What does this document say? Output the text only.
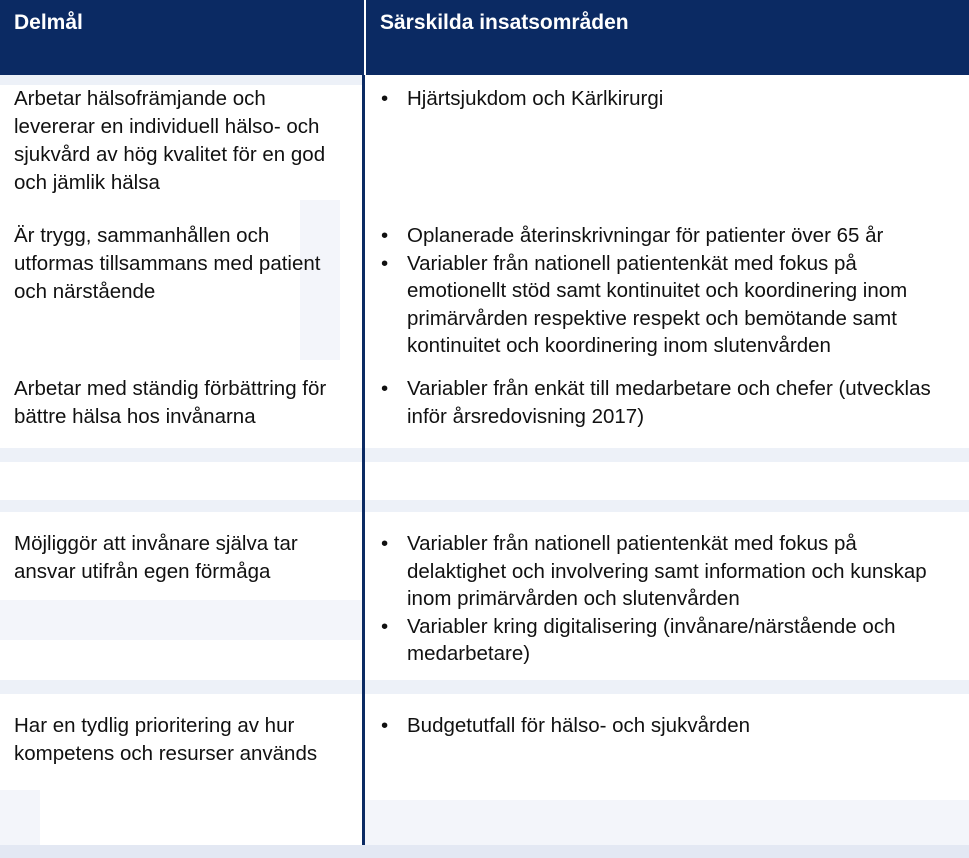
Delmål	Särskilda insatsområden
Arbetar hälsofrämjande och levererar en individuell hälso- och sjukvård av hög kvalitet för en god och jämlik hälsa
• Hjärtsjukdom och Kärlkirurgi
Är trygg, sammanhållen och utformas tillsammans med patient och närstående
• Oplanerade återinskrivningar för patienter över 65 år
• Variabler från nationell patientenkät med fokus på emotionellt stöd samt kontinuitet och koordinering inom primärvården respektive respekt och bemötande samt kontinuitet och koordinering inom slutenvården
Arbetar med ständig förbättring för bättre hälsa hos invånarna
• Variabler från enkät till medarbetare och chefer (utvecklas inför årsredovisning 2017)
Möjliggör att invånare själva tar ansvar utifrån egen förmåga
• Variabler från nationell patientenkät med fokus på delaktighet och involvering samt information och kunskap inom primärvården och slutenvården
• Variabler kring digitalisering (invånare/närstående och medarbetare)
Har en tydlig prioritering av hur kompetens och resurser används
• Budgetutfall för hälso- och sjukvården
